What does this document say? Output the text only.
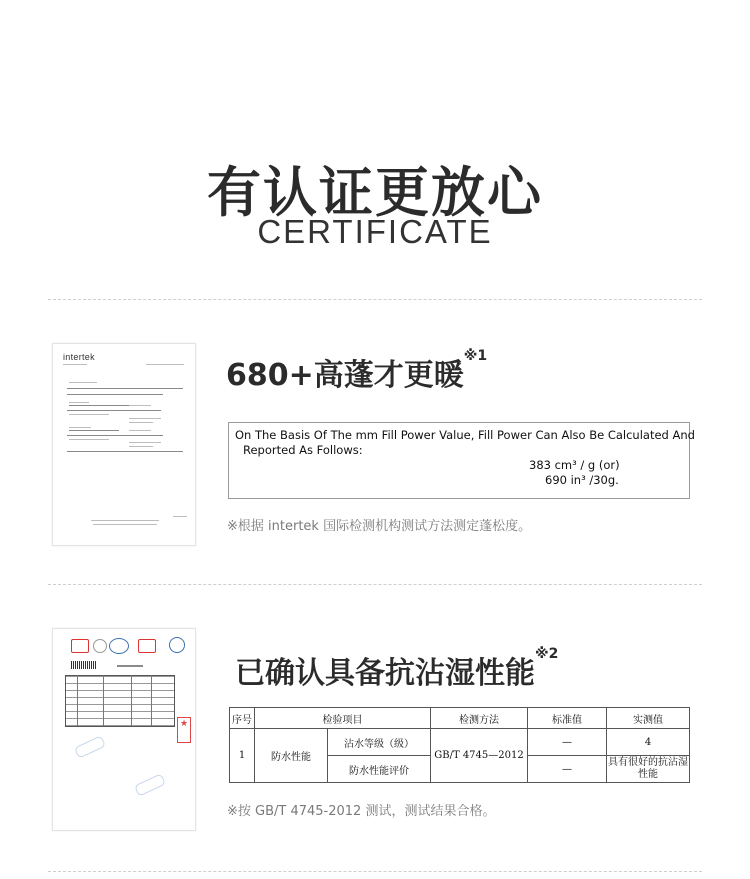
有认证更放心
CERTIFICATE
intertek
680+高蓬才更暖$^{※1}$
On The Basis Of The mm Fill Power Value, Fill Power Can Also Be Calculated And
Reported As Follows:
383 cm³ / g (or)
690 in³ /30g.
※根据 intertek 国际检测机构测试方法测定蓬松度。
★
已确认具备抗沾湿性能$^{※2}$
序号	检验项目		检测方法	标准值	实测值
1	防水性能	沾水等级（级）	GB/T 4745—2012	—	4
		防水性能评价		—	具有很好的抗沾湿性能
※按 GB/T 4745-2012 测试，测试结果合格。
